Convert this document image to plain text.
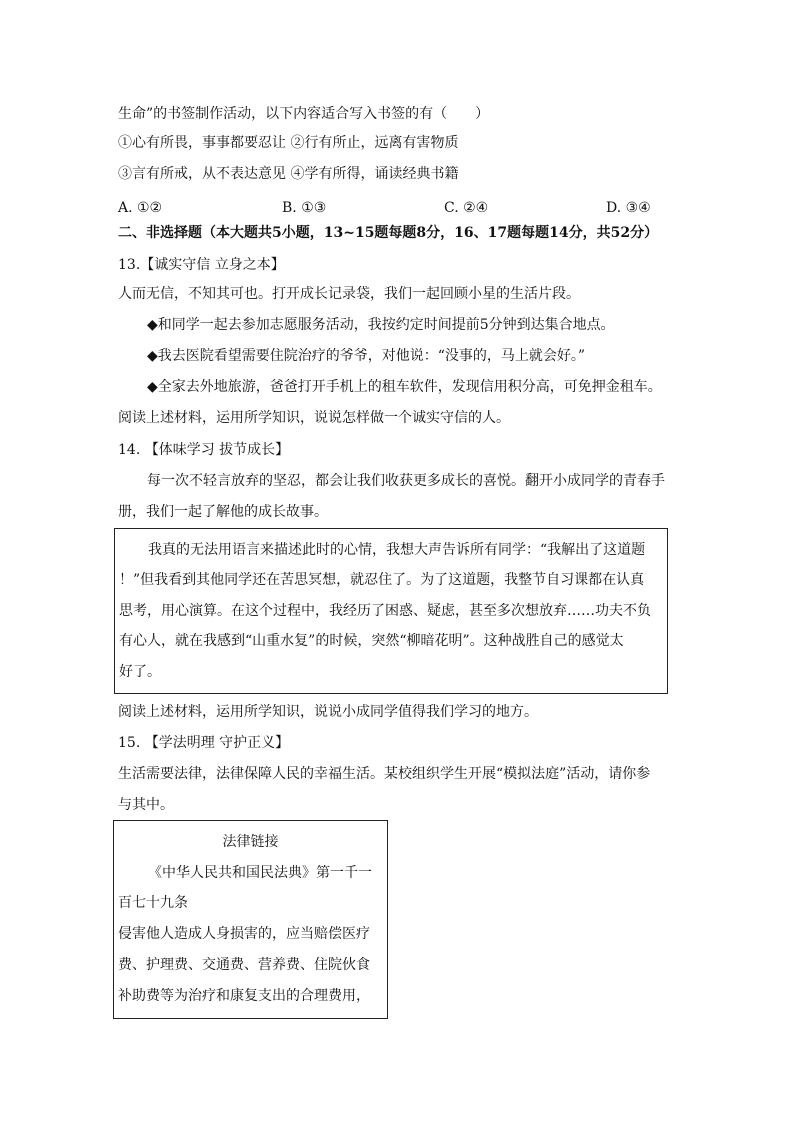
生命”的书签制作活动，以下内容适合写入书签的有（　　）
①心有所畏，事事都要忍让 ②行有所止，远离有害物质
③言有所戒，从不表达意见 ④学有所得，诵读经典书籍
A. ①②	B. ①③	C. ②④	D. ③④
二、非选择题（本大题共5小题，13~15题每题8分，16、17题每题14分，共52分）
13.【诚实守信 立身之本】
人而无信，不知其可也。打开成长记录袋，我们一起回顾小星的生活片段。
◆和同学一起去参加志愿服务活动，我按约定时间提前5分钟到达集合地点。
◆我去医院看望需要住院治疗的爷爷，对他说：“没事的，马上就会好。”
◆全家去外地旅游，爸爸打开手机上的租车软件，发现信用积分高，可免押金租车。
阅读上述材料，运用所学知识，说说怎样做一个诚实守信的人。
14. 【体味学习 拔节成长】
每一次不轻言放弃的坚忍，都会让我们收获更多成长的喜悦。翻开小成同学的青春手
册，我们一起了解他的成长故事。
我真的无法用语言来描述此时的心情，我想大声告诉所有同学：“我解出了这道题
！”但我看到其他同学还在苦思冥想，就忍住了。为了这道题，我整节自习课都在认真
思考，用心演算。在这个过程中，我经历了困惑、疑虑，甚至多次想放弃……功夫不负
有心人，就在我感到“山重水复”的时候，突然“柳暗花明”。这种战胜自己的感觉太
好了。
阅读上述材料，运用所学知识，说说小成同学值得我们学习的地方。
15. 【学法明理 守护正义】
生活需要法律，法律保障人民的幸福生活。某校组织学生开展“模拟法庭”活动，请你参
与其中。
法律链接
《中华人民共和国民法典》第一千一
百七十九条
侵害他人造成人身损害的，应当赔偿医疗
费、护理费、交通费、营养费、住院伙食
补助费等为治疗和康复支出的合理费用，
